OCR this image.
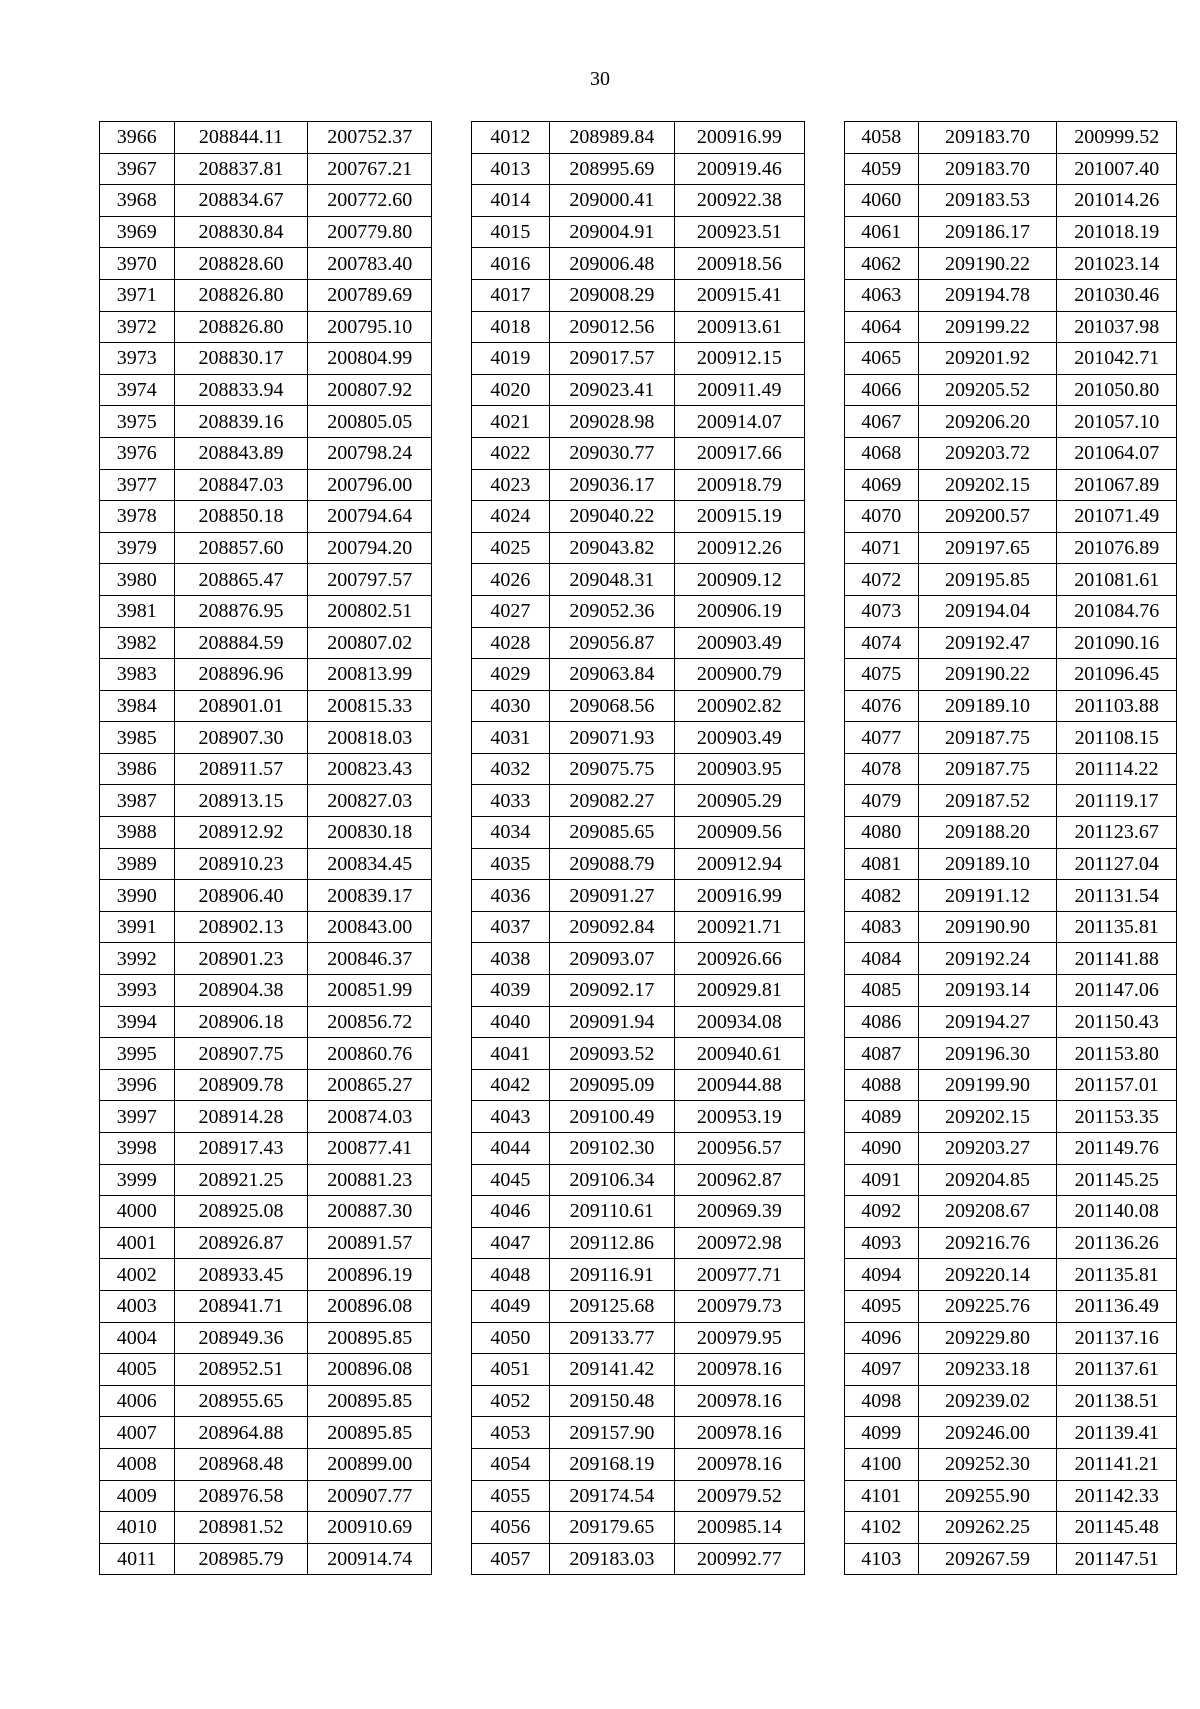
30
3966	208844.11	200752.37
3967	208837.81	200767.21
3968	208834.67	200772.60
3969	208830.84	200779.80
3970	208828.60	200783.40
3971	208826.80	200789.69
3972	208826.80	200795.10
3973	208830.17	200804.99
3974	208833.94	200807.92
3975	208839.16	200805.05
3976	208843.89	200798.24
3977	208847.03	200796.00
3978	208850.18	200794.64
3979	208857.60	200794.20
3980	208865.47	200797.57
3981	208876.95	200802.51
3982	208884.59	200807.02
3983	208896.96	200813.99
3984	208901.01	200815.33
3985	208907.30	200818.03
3986	208911.57	200823.43
3987	208913.15	200827.03
3988	208912.92	200830.18
3989	208910.23	200834.45
3990	208906.40	200839.17
3991	208902.13	200843.00
3992	208901.23	200846.37
3993	208904.38	200851.99
3994	208906.18	200856.72
3995	208907.75	200860.76
3996	208909.78	200865.27
3997	208914.28	200874.03
3998	208917.43	200877.41
3999	208921.25	200881.23
4000	208925.08	200887.30
4001	208926.87	200891.57
4002	208933.45	200896.19
4003	208941.71	200896.08
4004	208949.36	200895.85
4005	208952.51	200896.08
4006	208955.65	200895.85
4007	208964.88	200895.85
4008	208968.48	200899.00
4009	208976.58	200907.77
4010	208981.52	200910.69
4011	208985.79	200914.74
4012	208989.84	200916.99
4013	208995.69	200919.46
4014	209000.41	200922.38
4015	209004.91	200923.51
4016	209006.48	200918.56
4017	209008.29	200915.41
4018	209012.56	200913.61
4019	209017.57	200912.15
4020	209023.41	200911.49
4021	209028.98	200914.07
4022	209030.77	200917.66
4023	209036.17	200918.79
4024	209040.22	200915.19
4025	209043.82	200912.26
4026	209048.31	200909.12
4027	209052.36	200906.19
4028	209056.87	200903.49
4029	209063.84	200900.79
4030	209068.56	200902.82
4031	209071.93	200903.49
4032	209075.75	200903.95
4033	209082.27	200905.29
4034	209085.65	200909.56
4035	209088.79	200912.94
4036	209091.27	200916.99
4037	209092.84	200921.71
4038	209093.07	200926.66
4039	209092.17	200929.81
4040	209091.94	200934.08
4041	209093.52	200940.61
4042	209095.09	200944.88
4043	209100.49	200953.19
4044	209102.30	200956.57
4045	209106.34	200962.87
4046	209110.61	200969.39
4047	209112.86	200972.98
4048	209116.91	200977.71
4049	209125.68	200979.73
4050	209133.77	200979.95
4051	209141.42	200978.16
4052	209150.48	200978.16
4053	209157.90	200978.16
4054	209168.19	200978.16
4055	209174.54	200979.52
4056	209179.65	200985.14
4057	209183.03	200992.77
4058	209183.70	200999.52
4059	209183.70	201007.40
4060	209183.53	201014.26
4061	209186.17	201018.19
4062	209190.22	201023.14
4063	209194.78	201030.46
4064	209199.22	201037.98
4065	209201.92	201042.71
4066	209205.52	201050.80
4067	209206.20	201057.10
4068	209203.72	201064.07
4069	209202.15	201067.89
4070	209200.57	201071.49
4071	209197.65	201076.89
4072	209195.85	201081.61
4073	209194.04	201084.76
4074	209192.47	201090.16
4075	209190.22	201096.45
4076	209189.10	201103.88
4077	209187.75	201108.15
4078	209187.75	201114.22
4079	209187.52	201119.17
4080	209188.20	201123.67
4081	209189.10	201127.04
4082	209191.12	201131.54
4083	209190.90	201135.81
4084	209192.24	201141.88
4085	209193.14	201147.06
4086	209194.27	201150.43
4087	209196.30	201153.80
4088	209199.90	201157.01
4089	209202.15	201153.35
4090	209203.27	201149.76
4091	209204.85	201145.25
4092	209208.67	201140.08
4093	209216.76	201136.26
4094	209220.14	201135.81
4095	209225.76	201136.49
4096	209229.80	201137.16
4097	209233.18	201137.61
4098	209239.02	201138.51
4099	209246.00	201139.41
4100	209252.30	201141.21
4101	209255.90	201142.33
4102	209262.25	201145.48
4103	209267.59	201147.51
